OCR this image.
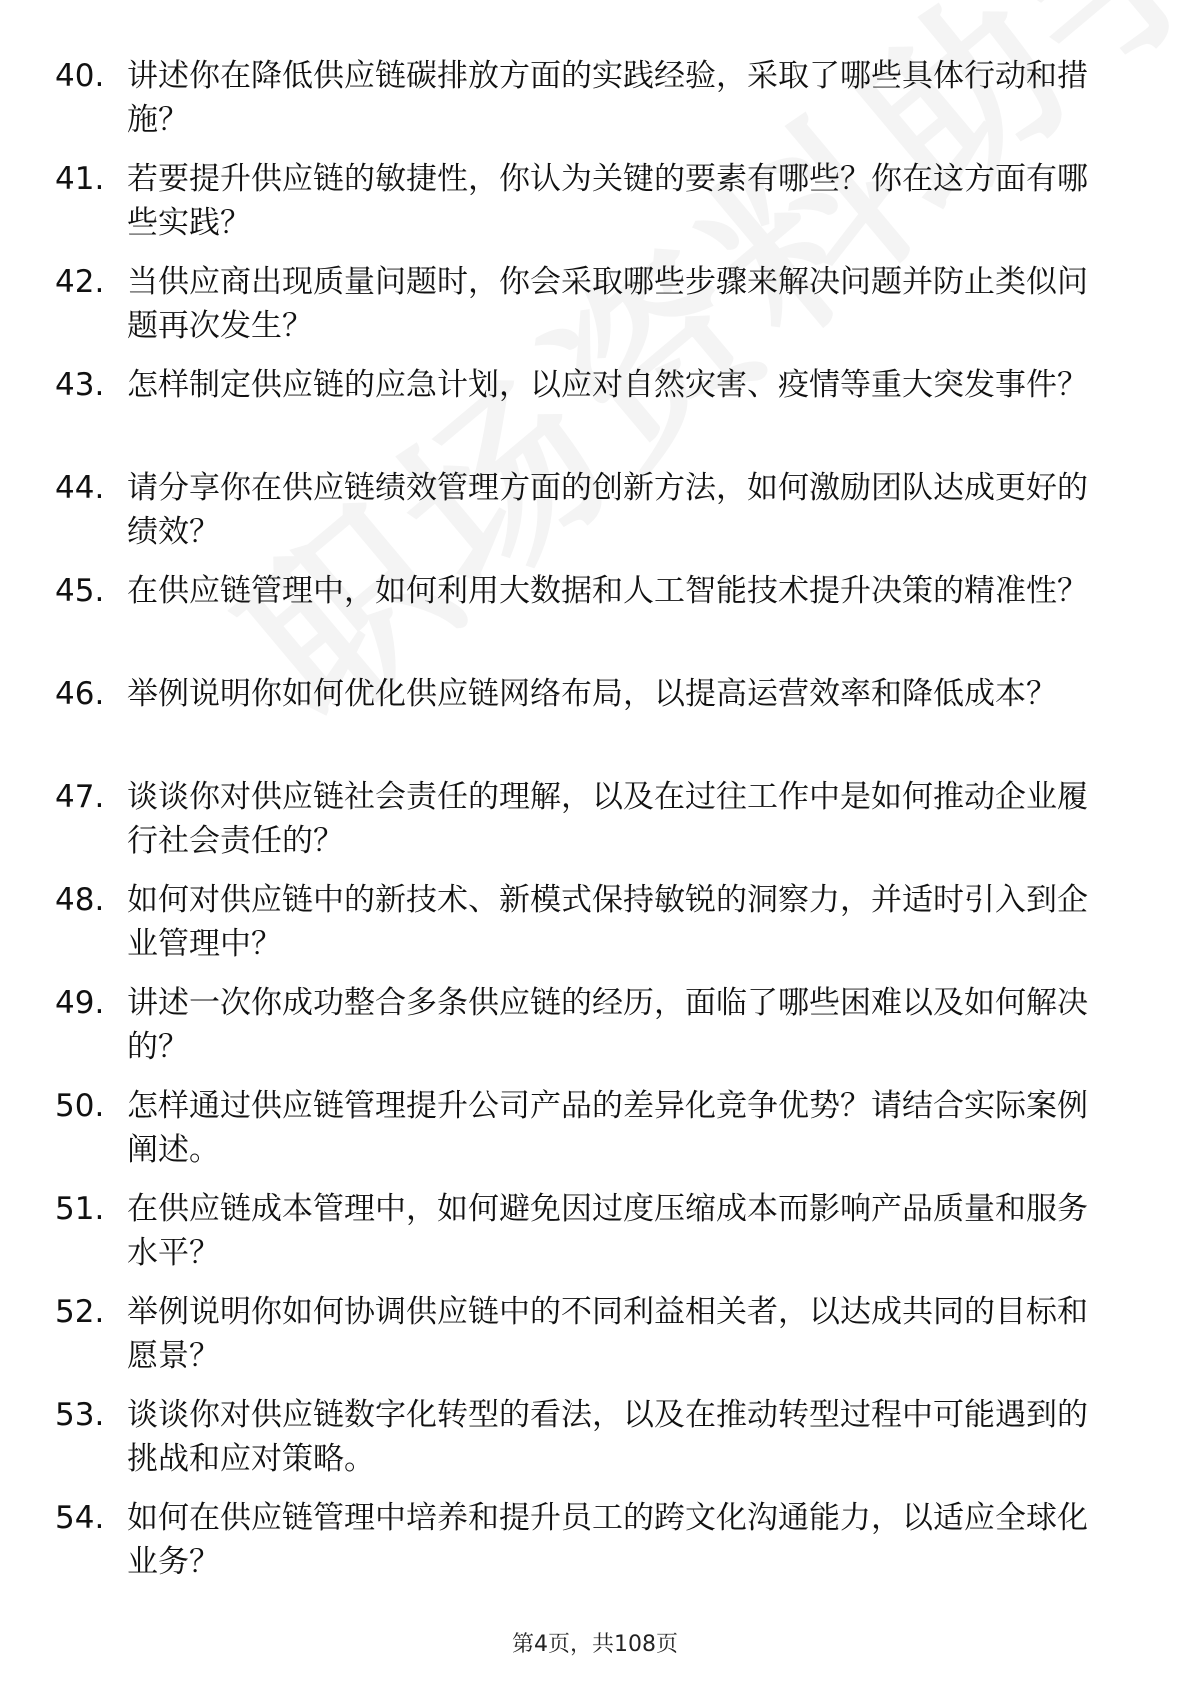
40. 讲述你在降低供应链碳排放方面的实践经验，采取了哪些具体行动和措施？
41. 若要提升供应链的敏捷性，你认为关键的要素有哪些？你在这方面有哪些实践？
42. 当供应商出现质量问题时，你会采取哪些步骤来解决问题并防止类似问题再次发生？
43. 怎样制定供应链的应急计划，以应对自然灾害、疫情等重大突发事件？
44. 请分享你在供应链绩效管理方面的创新方法，如何激励团队达成更好的绩效？
45. 在供应链管理中，如何利用大数据和人工智能技术提升决策的精准性？
46. 举例说明你如何优化供应链网络布局，以提高运营效率和降低成本？
47. 谈谈你对供应链社会责任的理解，以及在过往工作中是如何推动企业履行社会责任的？
48. 如何对供应链中的新技术、新模式保持敏锐的洞察力，并适时引入到企业管理中？
49. 讲述一次你成功整合多条供应链的经历，面临了哪些困难以及如何解决的？
50. 怎样通过供应链管理提升公司产品的差异化竞争优势？请结合实际案例阐述。
51. 在供应链成本管理中，如何避免因过度压缩成本而影响产品质量和服务水平？
52. 举例说明你如何协调供应链中的不同利益相关者，以达成共同的目标和愿景？
53. 谈谈你对供应链数字化转型的看法，以及在推动转型过程中可能遇到的挑战和应对策略。
54. 如何在供应链管理中培养和提升员工的跨文化沟通能力，以适应全球化业务？
第4页，共108页
